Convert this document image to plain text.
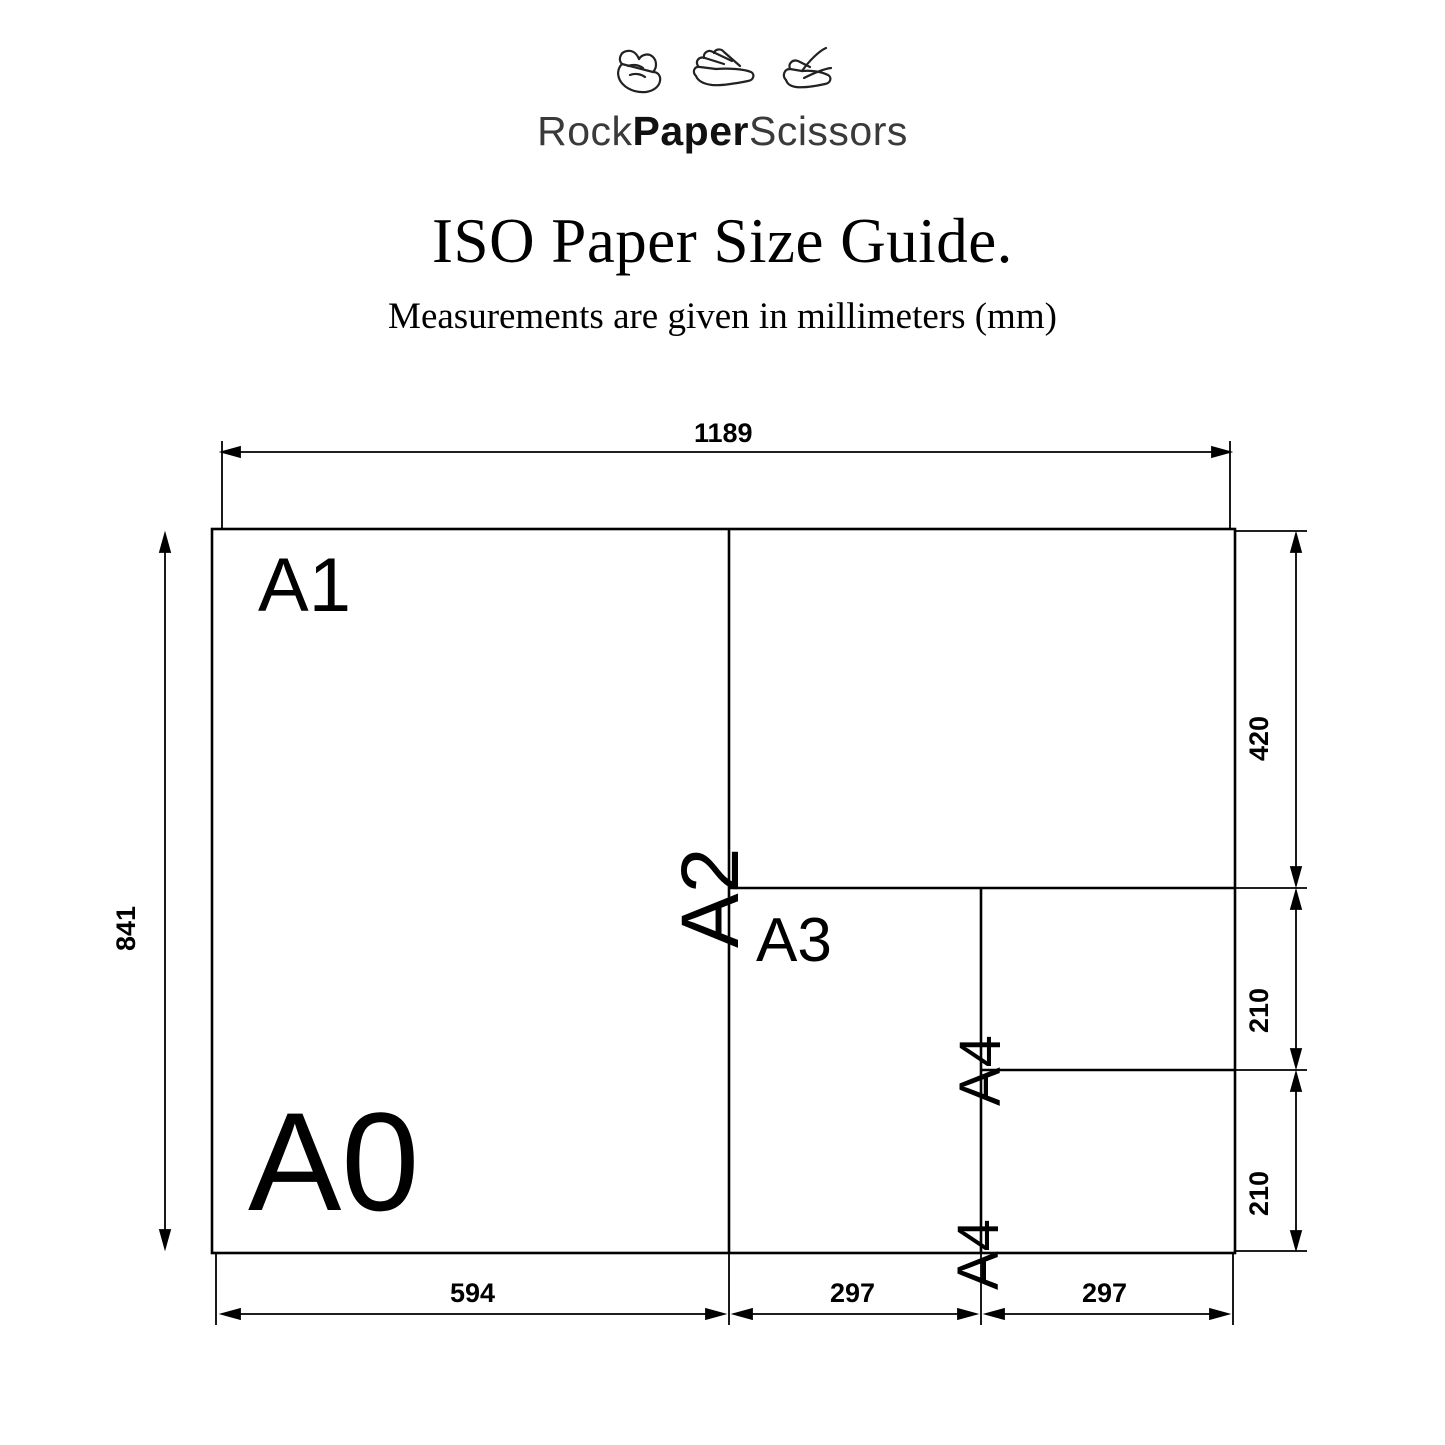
RockPaperScissors
ISO Paper Size Guide.
Measurements are given in millimeters (mm)
A1
A2 A3
A4
A4
A0
1189
841
420
210
210
594	297	297
